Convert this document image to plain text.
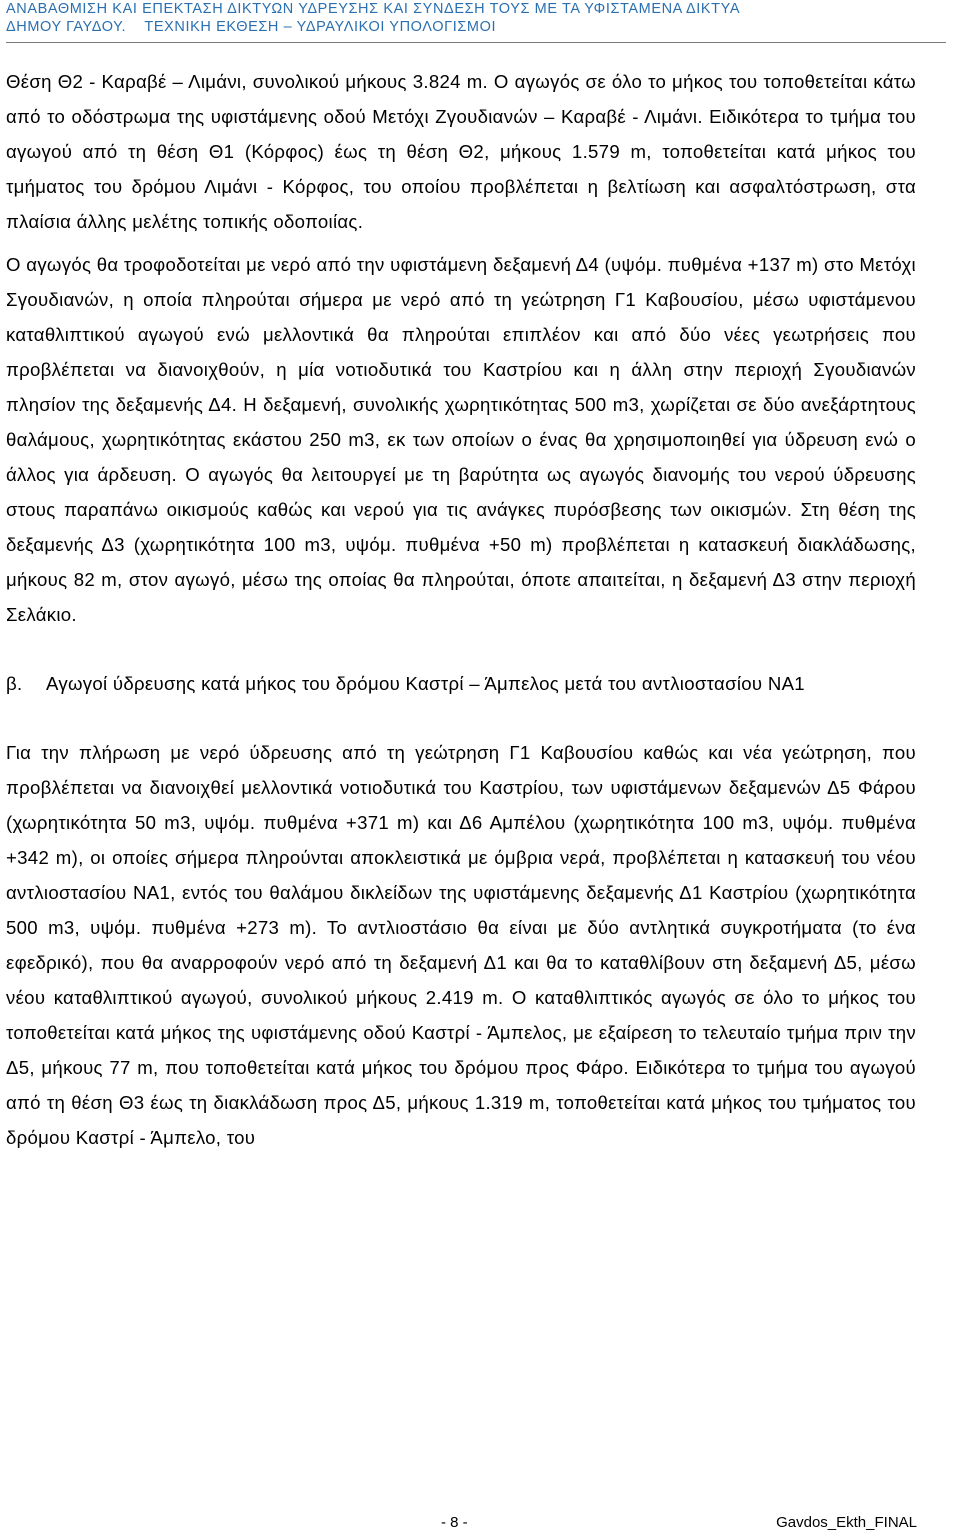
ΑΝΑΒΑΘΜΙΣΗ ΚΑΙ ΕΠΕΚΤΑΣΗ ΔΙΚΤΥΩΝ ΥΔΡΕΥΣΗΣ ΚΑΙ ΣΥΝΔΕΣΗ ΤΟΥΣ ΜΕ ΤΑ ΥΦΙΣΤΑΜΕΝΑ ΔΙΚΤΥΑ
ΔΗΜΟΥ ΓΑΥΔΟΥ.    ΤΕΧΝΙΚΗ ΕΚΘΕΣΗ – ΥΔΡΑΥΛΙΚΟΙ ΥΠΟΛΟΓΙΣΜΟΙ

Θέση Θ2 - Καραβέ – Λιμάνι, συνολικού μήκους 3.824 m. Ο αγωγός σε όλο το μήκος του τοποθετείται κάτω από το οδόστρωμα της υφιστάμενης οδού Μετόχι Ζγουδιανών – Καραβέ - Λιμάνι. Ειδικότερα το τμήμα του αγωγού από τη θέση Θ1 (Κόρφος) έως τη θέση Θ2, μήκους 1.579 m, τοποθετείται κατά μήκος του τμήματος του δρόμου Λιμάνι - Κόρφος, του οποίου προβλέπεται η βελτίωση και ασφαλτόστρωση, στα πλαίσια άλλης μελέτης τοπικής οδοποιίας.

Ο αγωγός θα τροφοδοτείται με νερό από την υφιστάμενη δεξαμενή Δ4 (υψόμ. πυθμένα +137 m) στο Μετόχι Σγουδιανών, η οποία πληρούται σήμερα με νερό από τη γεώτρηση Γ1 Καβουσίου, μέσω υφιστάμενου καταθλιπτικού αγωγού ενώ μελλοντικά θα πληρούται επιπλέον και από δύο νέες γεωτρήσεις που προβλέπεται να διανοιχθούν, η μία νοτιοδυτικά του Καστρίου και η άλλη στην περιοχή Σγουδιανών πλησίον της δεξαμενής Δ4. Η δεξαμενή, συνολικής χωρητικότητας 500 m3, χωρίζεται σε δύο ανεξάρτητους θαλάμους, χωρητικότητας εκάστου 250 m3, εκ των οποίων ο ένας θα χρησιμοποιηθεί για ύδρευση ενώ ο άλλος για άρδευση. Ο αγωγός θα λειτουργεί με τη βαρύτητα ως αγωγός διανομής του νερού ύδρευσης στους παραπάνω οικισμούς καθώς και νερού για τις ανάγκες πυρόσβεσης των οικισμών. Στη θέση της δεξαμενής Δ3 (χωρητικότητα 100 m3, υψόμ. πυθμένα +50 m) προβλέπεται η κατασκευή διακλάδωσης, μήκους 82 m, στον αγωγό, μέσω της οποίας θα πληρούται, όποτε απαιτείται, η δεξαμενή Δ3 στην περιοχή Σελάκιο.

β.	Αγωγοί ύδρευσης κατά μήκος του δρόμου Καστρί – Άμπελος μετά του αντλιοστασίου ΝΑ1

Για την πλήρωση με νερό ύδρευσης από τη γεώτρηση Γ1 Καβουσίου καθώς και νέα γεώτρηση, που προβλέπεται να διανοιχθεί μελλοντικά νοτιοδυτικά του Καστρίου, των υφιστάμενων δεξαμενών Δ5 Φάρου (χωρητικότητα 50 m3, υψόμ. πυθμένα +371 m) και Δ6 Αμπέλου (χωρητικότητα 100 m3, υψόμ. πυθμένα +342 m), οι οποίες σήμερα πληρούνται αποκλειστικά με όμβρια νερά, προβλέπεται η κατασκευή του νέου αντλιοστασίου ΝΑ1, εντός του θαλάμου δικλείδων της υφιστάμενης δεξαμενής Δ1 Καστρίου (χωρητικότητα 500 m3, υψόμ. πυθμένα +273 m). Το αντλιοστάσιο θα είναι με δύο αντλητικά συγκροτήματα (το ένα εφεδρικό), που θα αναρροφούν νερό από τη δεξαμενή Δ1 και θα το καταθλίβουν στη δεξαμενή Δ5, μέσω νέου καταθλιπτικού αγωγού, συνολικού μήκους 2.419 m. Ο καταθλιπτικός αγωγός σε όλο το μήκος του τοποθετείται κατά μήκος της υφιστάμενης οδού Καστρί - Άμπελος, με εξαίρεση το τελευταίο τμήμα πριν την Δ5, μήκους 77 m, που τοποθετείται κατά μήκος του δρόμου προς Φάρο. Ειδικότερα το τμήμα του αγωγού από τη θέση Θ3 έως τη διακλάδωση προς Δ5, μήκους 1.319 m, τοποθετείται κατά μήκος του τμήματος του δρόμου Καστρί - Άμπελο, του

- 8 -	Gavdos_Ekth_FINAL
